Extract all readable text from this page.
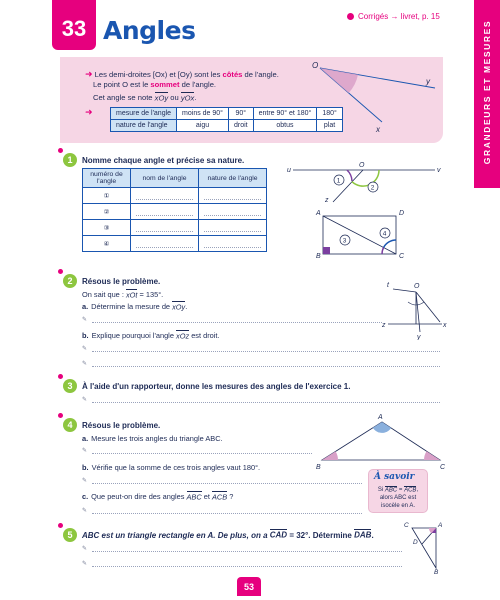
33 Angles	Corrigés → livret, p. 15
GRANDEURS ET MESURES
➜ Les demi-droites [Ox) et [Oy) sont les côtés de l'angle.
Le point O est le sommet de l'angle.
Cet angle se note xOy ou yOx.
➜	mesure de l'angle	moins de 90°	90°	entre 90° et 180°	180°
nature de l'angle	aigu	droit	obtus	plat
O
y
x
1	Nomme chaque angle et précise sa nature.
numéro de l'angle	nom de l'angle	nature de l'angle
①		
②		
③		
④		
u
O
v
z
1
2
3
4
A	D
B	C
2	Résous le problème.
On sait que : xOt = 135°.
a. Détermine la mesure de xOy.
✎
b. Explique pourquoi l'angle xOz est droit.
✎
✎
t	O
z	x
y
3	À l'aide d'un rapporteur, donne les mesures des angles de l'exercice 1.
✎
4	Résous le problème.
a. Mesure les trois angles du triangle ABC.
✎
b. Vérifie que la somme de ces trois angles vaut 180°.
✎
c. Que peut-on dire des angles ABC et ACB ?
✎
A
B	C
À savoir
Si ABC = ACB,
alors ABC est
isocèle en A.
5	ABC est un triangle rectangle en A. De plus, on a CAD = 32°. Détermine DAB.
✎
✎
C	A
D
B
53
